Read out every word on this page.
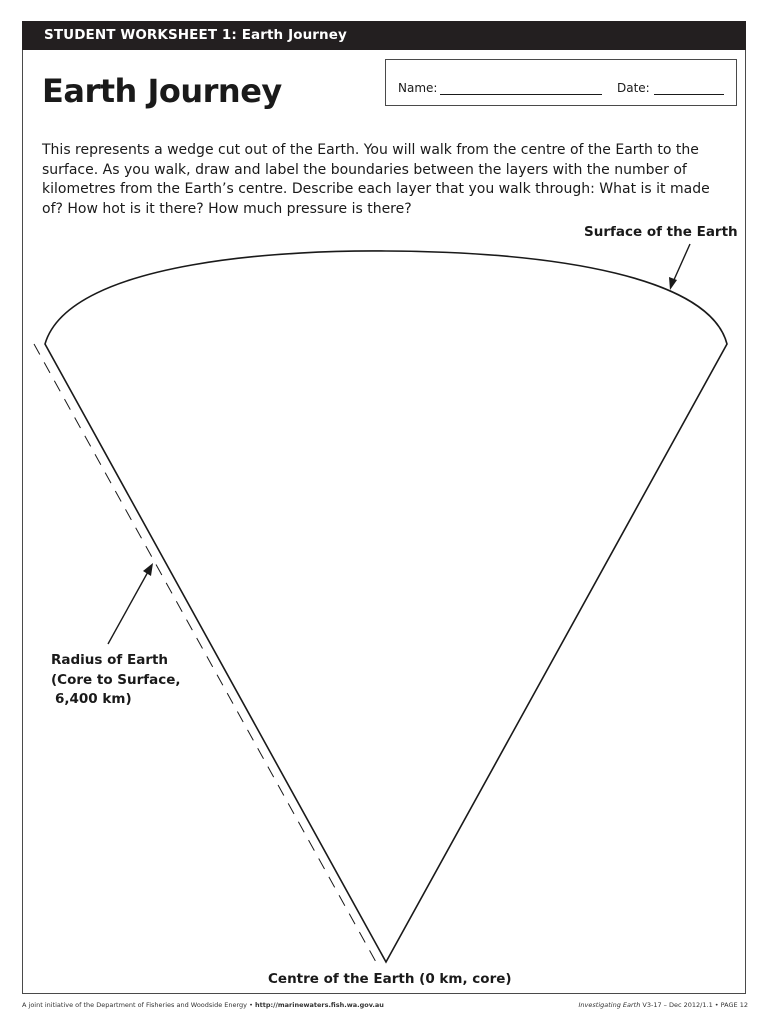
STUDENT WORKSHEET 1: Earth Journey
Earth Journey	Name:	Date:
This represents a wedge cut out of the Earth. You will walk from the centre of the Earth to the surface. As you walk, draw and label the boundaries between the layers with the number of kilometres from the Earth’s centre. Describe each layer that you walk through: What is it made of? How hot is it there? How much pressure is there?
Surface of the Earth
Radius of Earth
(Core to Surface,
6,400 km)
Centre of the Earth (0 km, core)
A joint initiative of the Department of Fisheries and Woodside Energy • http://marinewaters.fish.wa.gov.au	Investigating Earth V3-17 – Dec 2012/1.1 • PAGE 12
